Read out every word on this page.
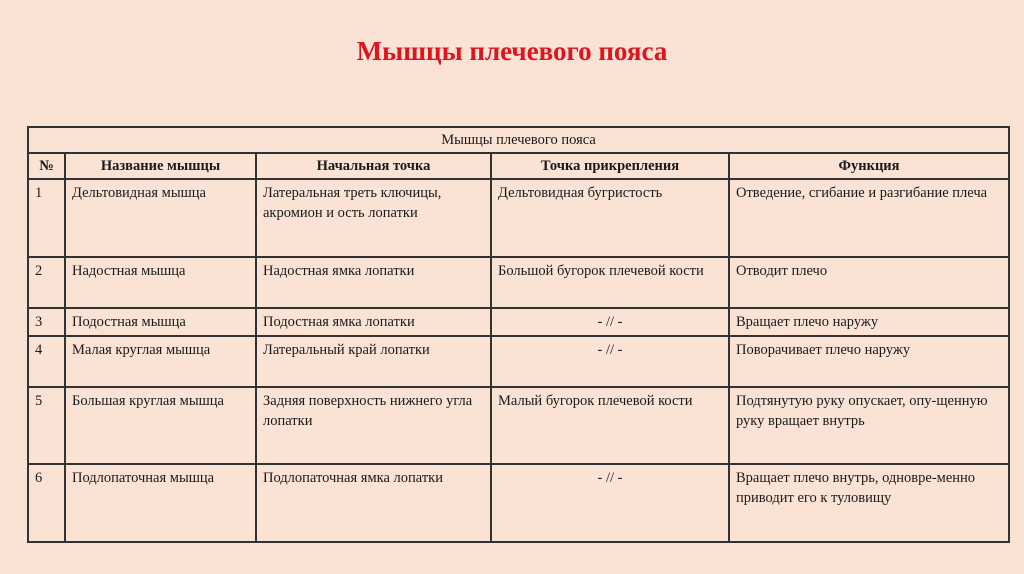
Мышцы плечевого пояса
Мышцы плечевого пояса				
№	Название мышцы	Начальная точка	Точка прикрепления	Функция
1	Дельтовидная мышца	Латеральная треть ключицы, акромион и ость лопатки	Дельтовидная бугристость	Отведение, сгибание и разгибание плеча
2	Надостная мышца	Надостная ямка лопатки	Большой бугорок плечевой кости	Отводит плечо
3	Подостная мышца	Подостная ямка лопатки	- // -	Вращает плечо наружу
4	Малая круглая мышца	Латеральный край лопатки	- // -	Поворачивает плечо наружу
5	Большая круглая мышца	Задняя поверхность нижнего угла лопатки	Малый бугорок плечевой кости	Подтянутую руку опускает, опу-щенную руку вращает внутрь
6	Подлопаточная мышца	Подлопаточная ямка лопатки	- // -	Вращает плечо внутрь, одновре-менно приводит его к туловищу
